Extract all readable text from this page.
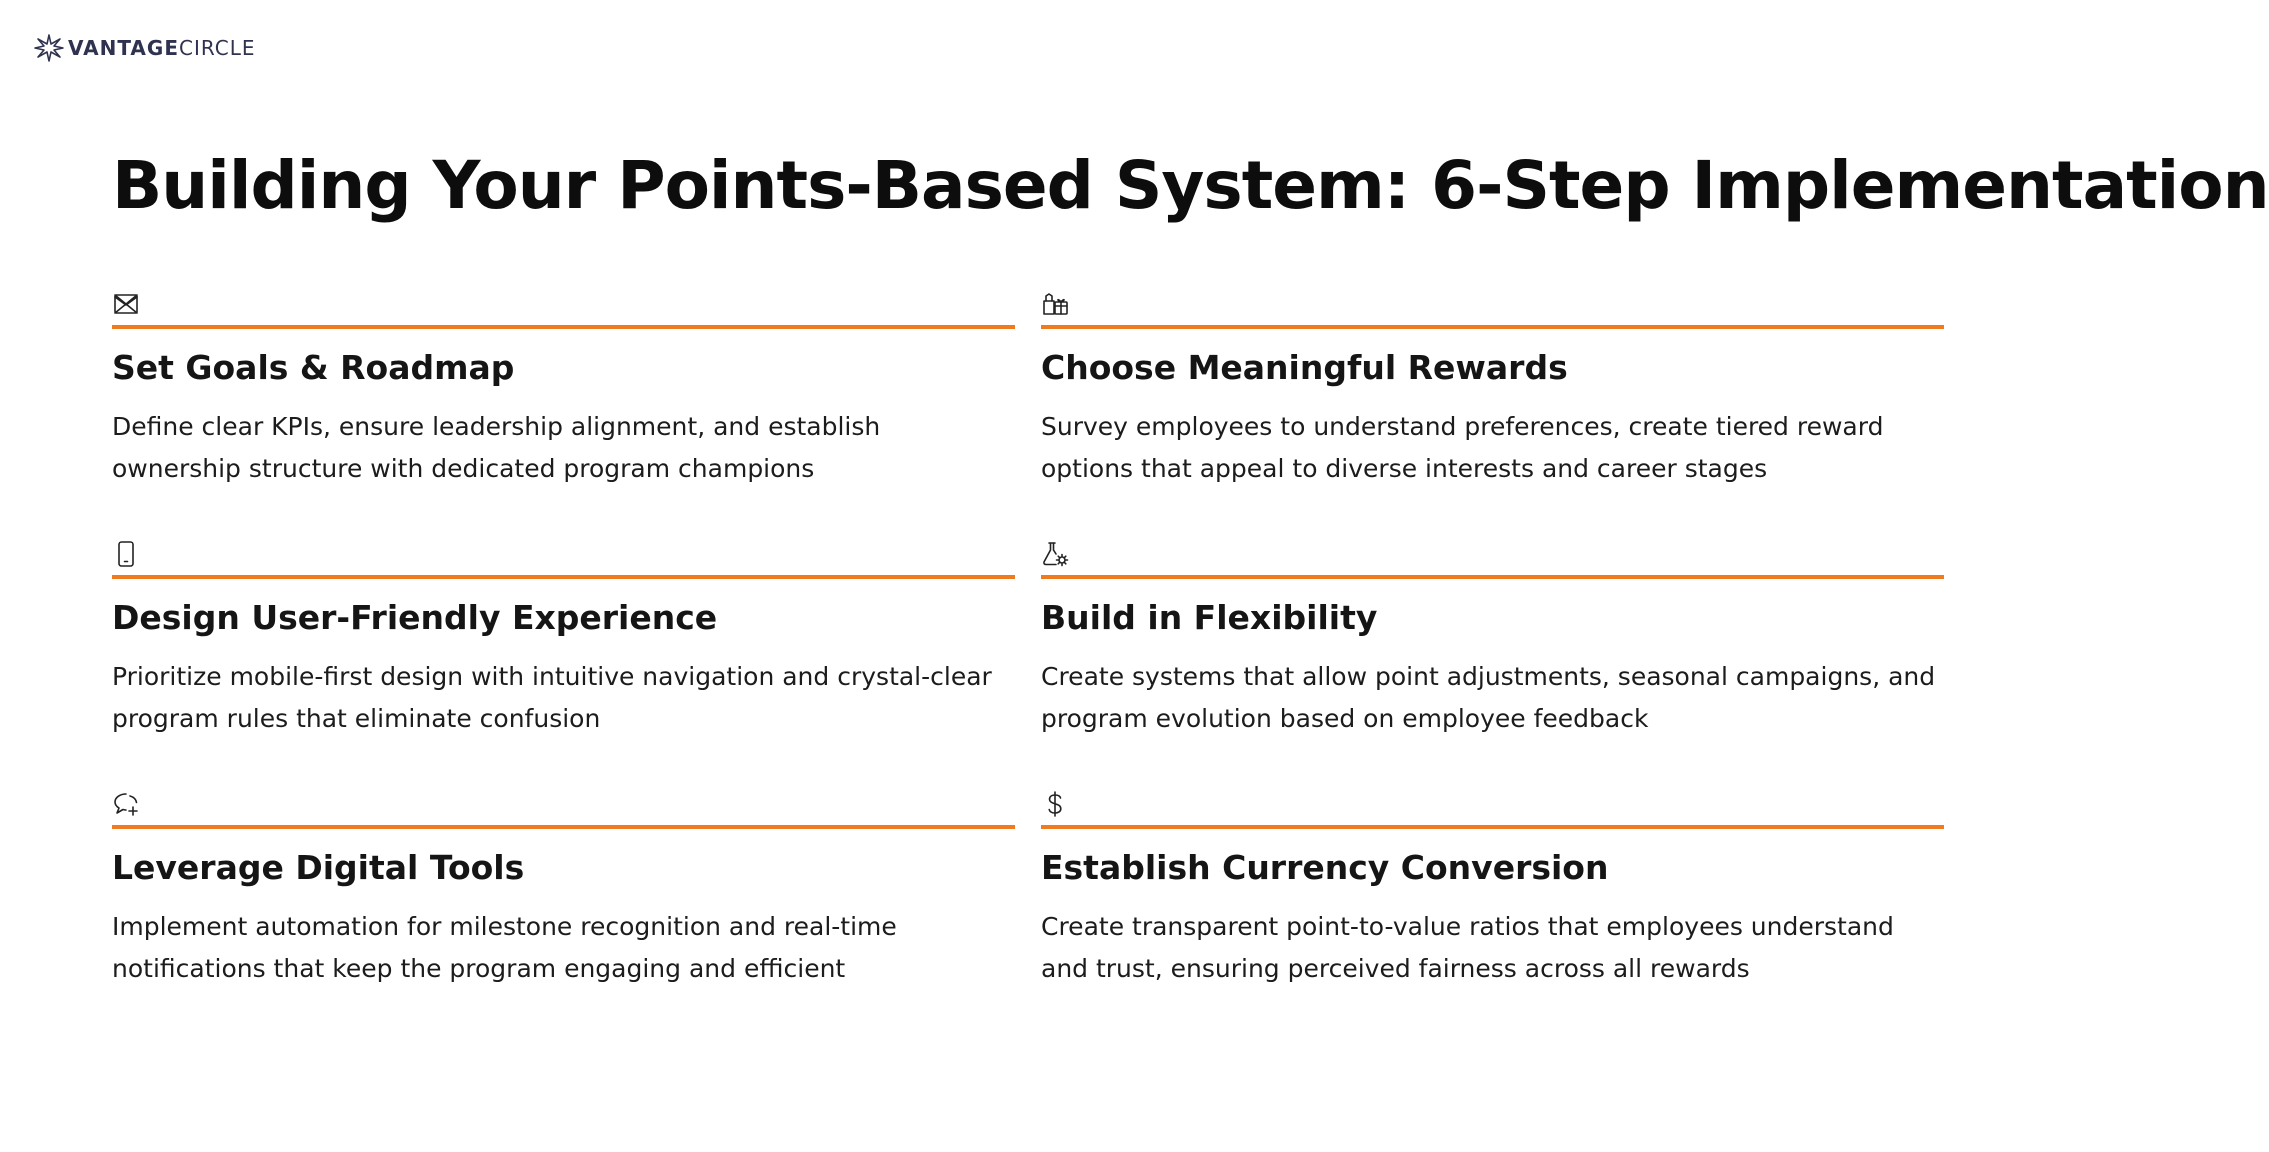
VANTAGECIRCLE
Building Your Points-Based System: 6-Step Implementation
Set Goals & Roadmap

Define clear KPIs, ensure leadership alignment, and establish ownership structure with dedicated program champions

Choose Meaningful Rewards

Survey employees to understand preferences, create tiered reward options that appeal to diverse interests and career stages

Design User-Friendly Experience

Prioritize mobile-first design with intuitive navigation and crystal-clear program rules that eliminate confusion

Build in Flexibility

Create systems that allow point adjustments, seasonal campaigns, and program evolution based on employee feedback

Leverage Digital Tools

Implement automation for milestone recognition and real-time notifications that keep the program engaging and efficient

Establish Currency Conversion

Create transparent point-to-value ratios that employees understand and trust, ensuring perceived fairness across all rewards
